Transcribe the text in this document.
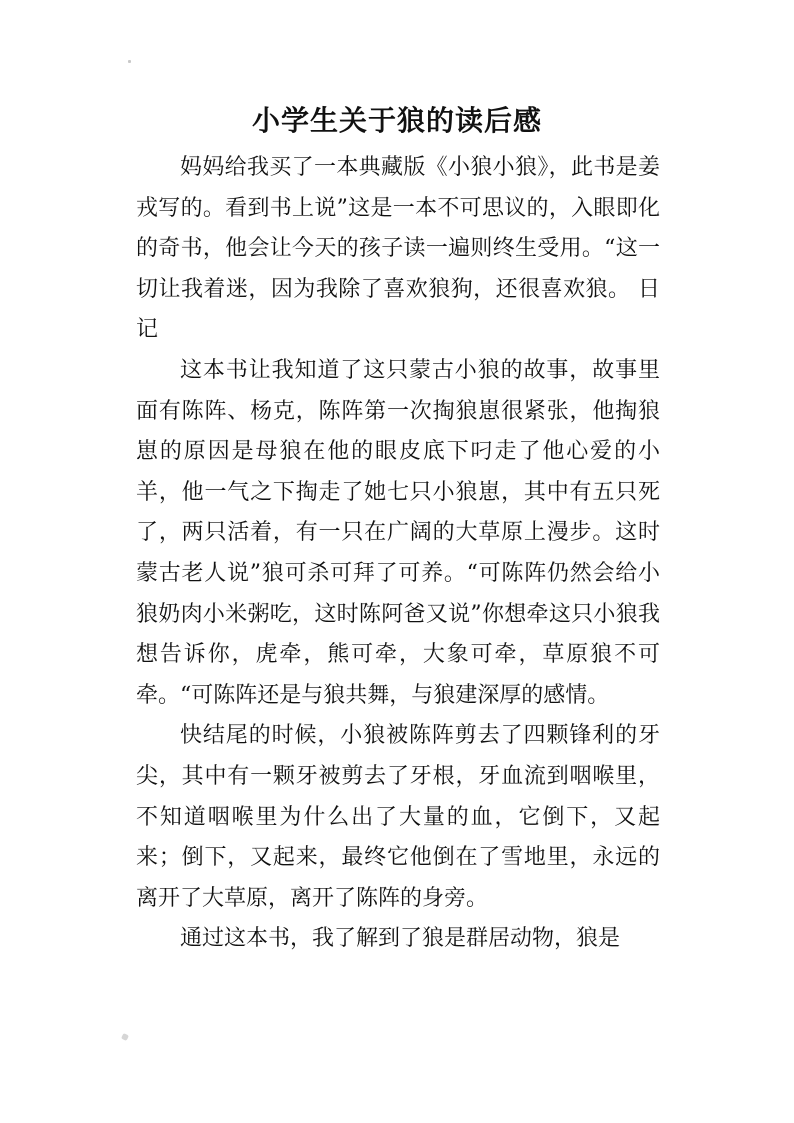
小学生关于狼的读后感

妈妈给我买了一本典藏版《小狼小狼》，此书是姜戎写的。看到书上说”这是一本不可思议的，入眼即化的奇书，他会让今天的孩子读一遍则终生受用。“这一切让我着迷，因为我除了喜欢狼狗，还很喜欢狼。 日记

这本书让我知道了这只蒙古小狼的故事，故事里面有陈阵、杨克，陈阵第一次掏狼崽很紧张，他掏狼崽的原因是母狼在他的眼皮底下叼走了他心爱的小羊，他一气之下掏走了她七只小狼崽，其中有五只死了，两只活着，有一只在广阔的大草原上漫步。这时蒙古老人说”狼可杀可拜了可养。“可陈阵仍然会给小狼奶肉小米粥吃，这时陈阿爸又说”你想牵这只小狼我想告诉你，虎牵，熊可牵，大象可牵，草原狼不可牵。“可陈阵还是与狼共舞，与狼建深厚的感情。

快结尾的时候，小狼被陈阵剪去了四颗锋利的牙尖，其中有一颗牙被剪去了牙根，牙血流到咽喉里，不知道咽喉里为什么出了大量的血，它倒下，又起来；倒下，又起来，最终它他倒在了雪地里，永远的离开了大草原，离开了陈阵的身旁。

通过这本书，我了解到了狼是群居动物，狼是
